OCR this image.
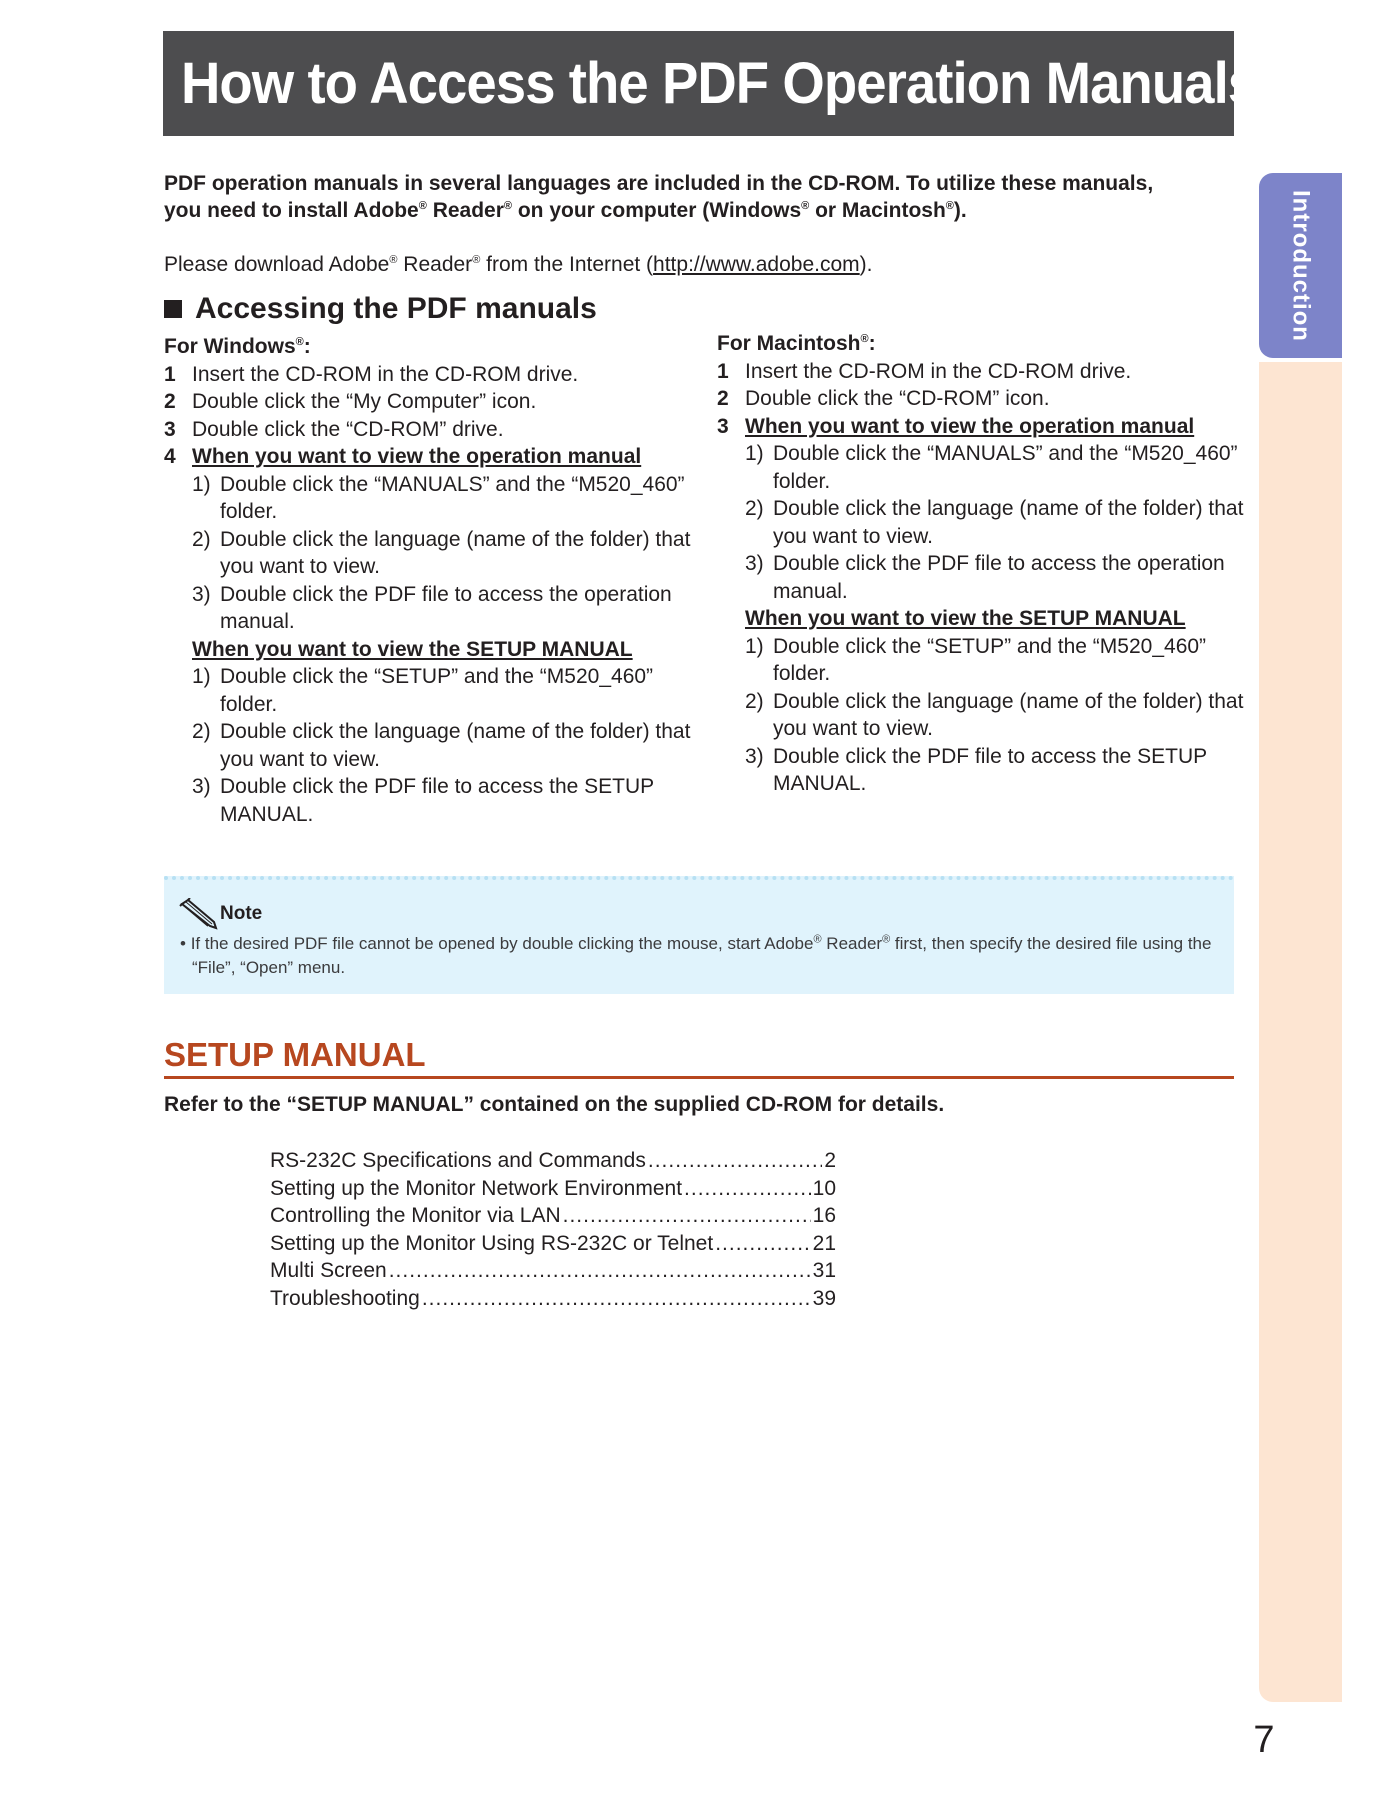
How to Access the PDF Operation Manuals
Introduction
PDF operation manuals in several languages are included in the CD-ROM. To utilize these manuals,
you need to install Adobe® Reader® on your computer (Windows® or Macintosh®).
Please download Adobe® Reader® from the Internet (http://www.adobe.com).
Accessing the PDF manuals
For Windows®:
1 Insert the CD-ROM in the CD-ROM drive.
2 Double click the “My Computer” icon.
3 Double click the “CD-ROM” drive.
4 When you want to view the operation manual
1) Double click the “MANUALS” and the “M520_460” folder.
2) Double click the language (name of the folder) that you want to view.
3) Double click the PDF file to access the operation manual.
When you want to view the SETUP MANUAL
1) Double click the “SETUP” and the “M520_460” folder.
2) Double click the language (name of the folder) that you want to view.
3) Double click the PDF file to access the SETUP MANUAL.
For Macintosh®:
1 Insert the CD-ROM in the CD-ROM drive.
2 Double click the “CD-ROM” icon.
3 When you want to view the operation manual
1) Double click the “MANUALS” and the “M520_460” folder.
2) Double click the language (name of the folder) that you want to view.
3) Double click the PDF file to access the operation manual.
When you want to view the SETUP MANUAL
1) Double click the “SETUP” and the “M520_460” folder.
2) Double click the language (name of the folder) that you want to view.
3) Double click the PDF file to access the SETUP MANUAL.
Note
• If the desired PDF file cannot be opened by double clicking the mouse, start Adobe® Reader® first, then specify the desired file using the “File”, “Open” menu.
SETUP MANUAL
Refer to the “SETUP MANUAL” contained on the supplied CD-ROM for details.
RS-232C Specifications and Commands .....	2
Setting up the Monitor Network Environment .....	10
Controlling the Monitor via LAN .....	16
Setting up the Monitor Using RS-232C or Telnet .....	21
Multi Screen .....	31
Troubleshooting .....	39
7
